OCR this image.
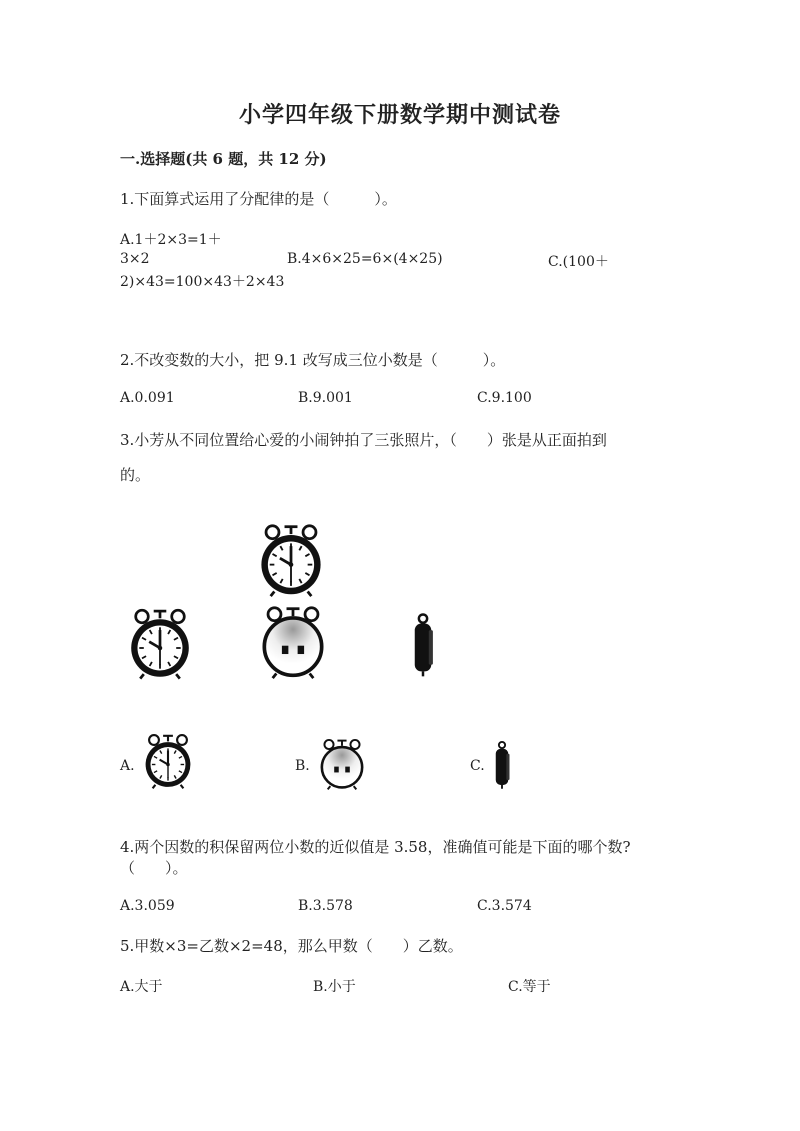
小学四年级下册数学期中测试卷
一.选择题(共 6 题，共 12 分)
1.下面算式运用了分配律的是（　　　）。
A.1＋2×3=1＋
3×2	B.4×6×25=6×(4×25)	C.(100＋
2)×43=100×43＋2×43
2.不改变数的大小，把 9.1 改写成三位小数是（　　　）。
A.0.091	B.9.001	C.9.100
3.小芳从不同位置给心爱的小闹钟拍了三张照片，（　　）张是从正面拍到
的。
A.	B.	C.
4.两个因数的积保留两位小数的近似值是 3.58，准确值可能是下面的哪个数?
（　　）。
A.3.059	B.3.578	C.3.574
5.甲数×3=乙数×2=48，那么甲数（　　）乙数。
A.大于	B.小于	C.等于
